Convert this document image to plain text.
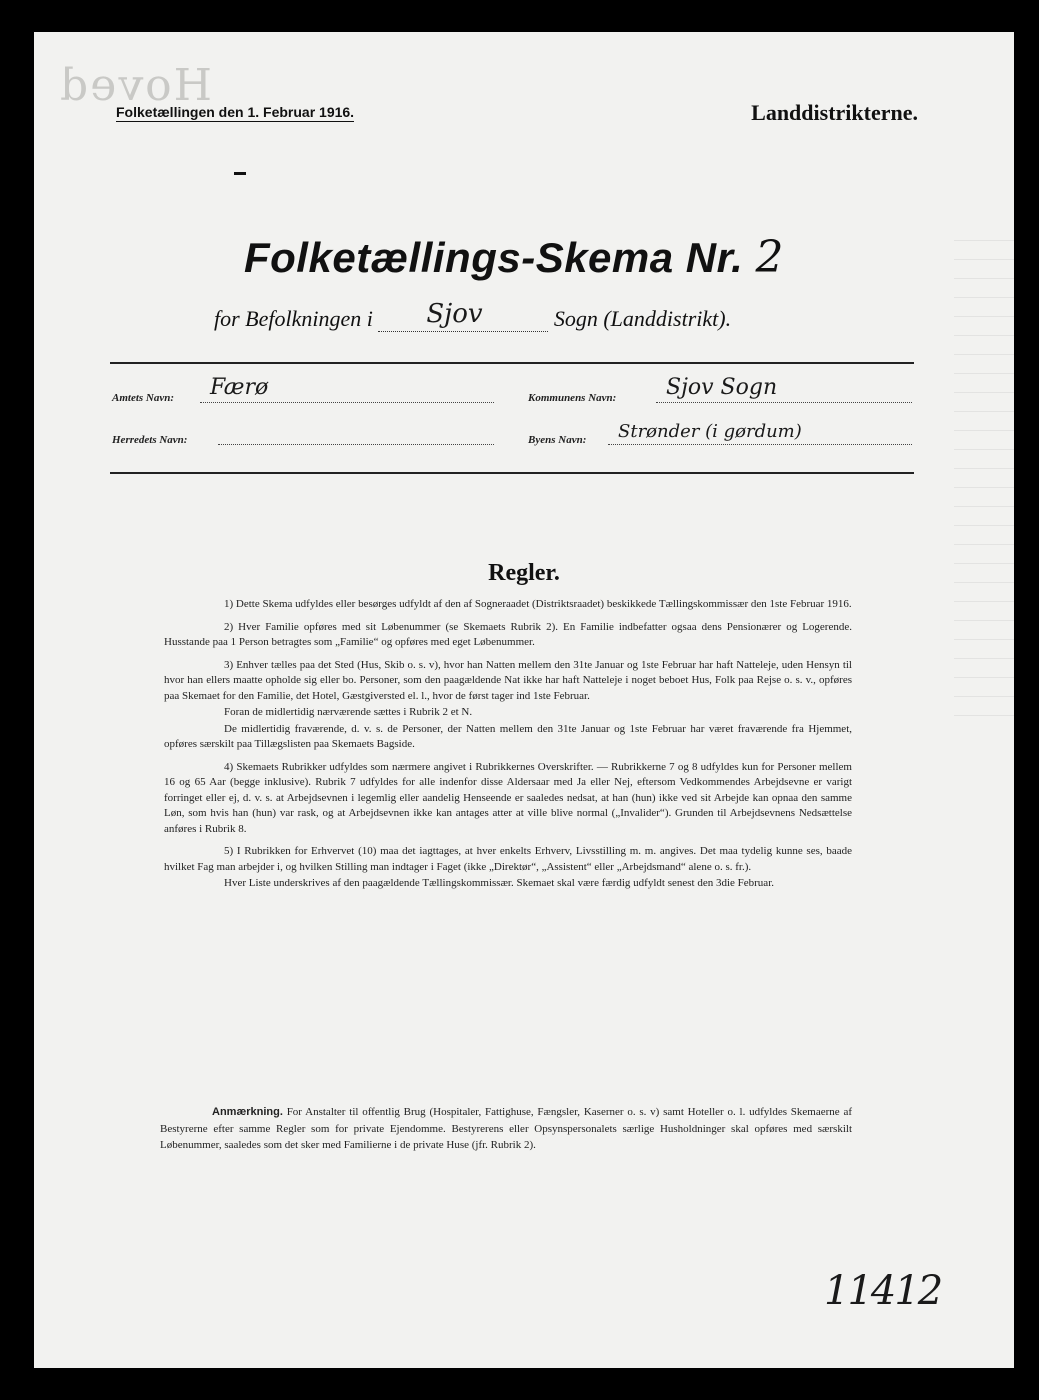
Hoved
Folketællingen den 1. Februar 1916.	Landdistrikterne.
Folketællings-Skema Nr. 2
for Befolkningen i Sjov	Sogn (Landdistrikt).
Amtets Navn: Færø	Kommunens Navn: Sjov Sogn
Herredets Navn:	Byens Navn: Strønder (i gørdum)
Regler.

1) Dette Skema udfyldes eller besørges udfyldt af den af Sogneraadet (Distriktsraadet) beskikkede Tællingskommissær den 1ste Februar 1916.

2) Hver Familie opføres med sit Løbenummer (se Skemaets Rubrik 2). En Familie indbefatter ogsaa dens Pensionærer og Logerende. Husstande paa 1 Person betragtes som „Familie“ og opføres med eget Løbenummer.

3) Enhver tælles paa det Sted (Hus, Skib o. s. v), hvor han Natten mellem den 31te Januar og 1ste Februar har haft Natteleje, uden Hensyn til hvor han ellers maatte opholde sig eller bo. Personer, som den paagældende Nat ikke har haft Natteleje i noget beboet Hus, Folk paa Rejse o. s. v., opføres paa Skemaet for den Familie, det Hotel, Gæstgiversted el. l., hvor de først tager ind 1ste Februar.

Foran de midlertidig nærværende sættes i Rubrik 2 et N.

De midlertidig fraværende, d. v. s. de Personer, der Natten mellem den 31te Januar og 1ste Februar har været fraværende fra Hjemmet, opføres særskilt paa Tillægslisten paa Skemaets Bagside.

4) Skemaets Rubrikker udfyldes som nærmere angivet i Rubrikkernes Overskrifter. — Rubrikkerne 7 og 8 udfyldes kun for Personer mellem 16 og 65 Aar (begge inklusive). Rubrik 7 udfyldes for alle indenfor disse Aldersaar med Ja eller Nej, eftersom Vedkommendes Arbejdsevne er varigt forringet eller ej, d. v. s. at Arbejdsevnen i legemlig eller aandelig Henseende er saaledes nedsat, at han (hun) ikke ved sit Arbejde kan opnaa den samme Løn, som hvis han (hun) var rask, og at Arbejdsevnen ikke kan antages atter at ville blive normal („Invalider“). Grunden til Arbejdsevnens Nedsættelse anføres i Rubrik 8.

5) I Rubrikken for Erhvervet (10) maa det iagttages, at hver enkelts Erhverv, Livsstilling m. m. angives. Det maa tydelig kunne ses, baade hvilket Fag man arbejder i, og hvilken Stilling man indtager i Faget (ikke „Direktør“, „Assistent“ eller „Arbejdsmand“ alene o. s. fr.).

Hver Liste underskrives af den paagældende Tællingskommissær. Skemaet skal være færdig udfyldt senest den 3die Februar.

Anmærkning. For Anstalter til offentlig Brug (Hospitaler, Fattighuse, Fængsler, Kaserner o. s. v) samt Hoteller o. l. udfyldes Skemaerne af Bestyrerne efter samme Regler som for private Ejendomme. Bestyrerens eller Opsynspersonalets særlige Husholdninger skal opføres med særskilt Løbenummer, saaledes som det sker med Familierne i de private Huse (jfr. Rubrik 2).
11412
